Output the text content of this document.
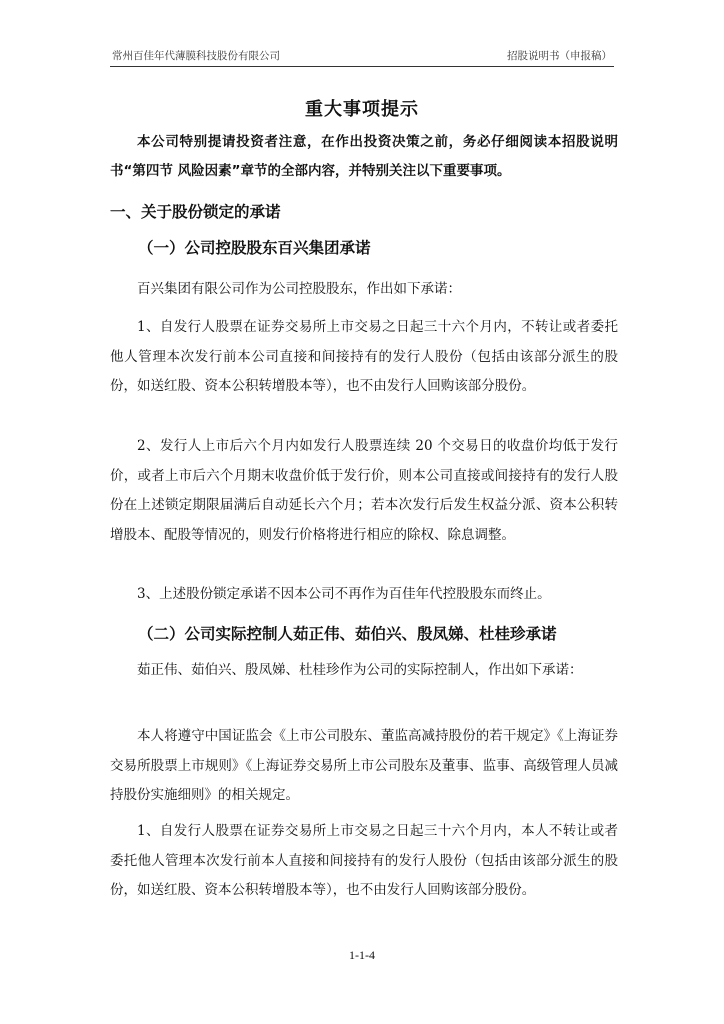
常州百佳年代薄膜科技股份有限公司	招股说明书（申报稿）
重大事项提示
本公司特别提请投资者注意，在作出投资决策之前，务必仔细阅读本招股说明书“第四节 风险因素”章节的全部内容，并特别关注以下重要事项。
一、关于股份锁定的承诺
（一）公司控股股东百兴集团承诺
百兴集团有限公司作为公司控股股东，作出如下承诺：
1、自发行人股票在证券交易所上市交易之日起三十六个月内，不转让或者委托他人管理本次发行前本公司直接和间接持有的发行人股份（包括由该部分派生的股份，如送红股、资本公积转增股本等），也不由发行人回购该部分股份。
2、发行人上市后六个月内如发行人股票连续 20 个交易日的收盘价均低于发行价，或者上市后六个月期末收盘价低于发行价，则本公司直接或间接持有的发行人股份在上述锁定期限届满后自动延长六个月；若本次发行后发生权益分派、资本公积转增股本、配股等情况的，则发行价格将进行相应的除权、除息调整。
3、上述股份锁定承诺不因本公司不再作为百佳年代控股股东而终止。
（二）公司实际控制人茹正伟、茹伯兴、殷凤娣、杜桂珍承诺
茹正伟、茹伯兴、殷凤娣、杜桂珍作为公司的实际控制人，作出如下承诺：
本人将遵守中国证监会《上市公司股东、董监高减持股份的若干规定》《上海证券交易所股票上市规则》《上海证券交易所上市公司股东及董事、监事、高级管理人员减持股份实施细则》的相关规定。
1、自发行人股票在证券交易所上市交易之日起三十六个月内，本人不转让或者委托他人管理本次发行前本人直接和间接持有的发行人股份（包括由该部分派生的股份，如送红股、资本公积转增股本等），也不由发行人回购该部分股份。
1-1-4
